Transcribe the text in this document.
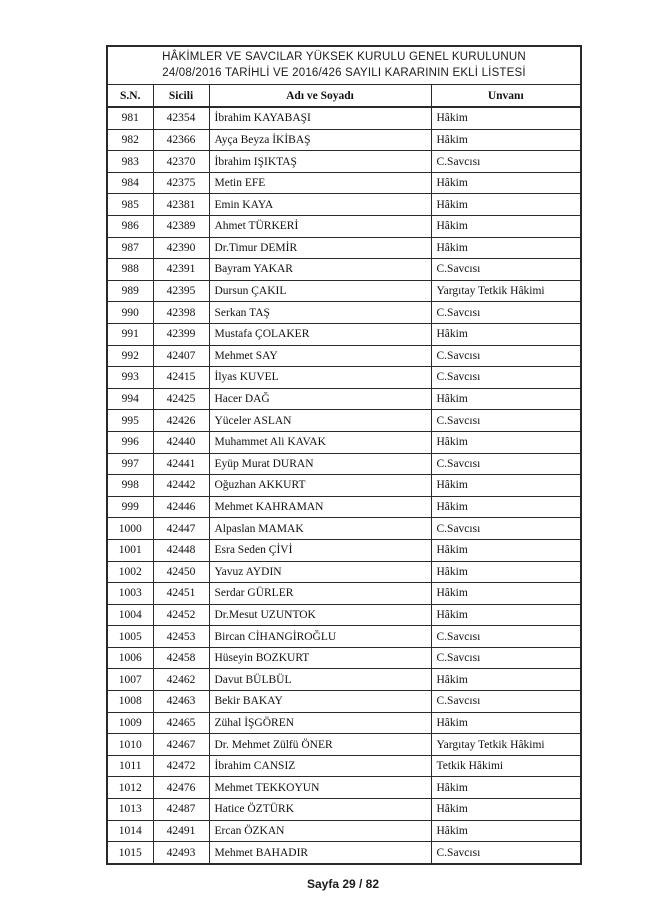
HÂKİMLER VE SAVCILAR YÜKSEK KURULU GENEL KURULUNUN
24/08/2016 TARİHLİ VE 2016/426 SAYILI KARARININ EKLİ LİSTESİ			

S.N.	Sicili	Adı ve Soyadı	Unvanı
981	42354	İbrahim KAYABAŞI	Hâkim
982	42366	Ayça Beyza İKİBAŞ	Hâkim
983	42370	İbrahim IŞIKTAŞ	C.Savcısı
984	42375	Metin EFE	Hâkim
985	42381	Emin KAYA	Hâkim
986	42389	Ahmet TÜRKERİ	Hâkim
987	42390	Dr.Timur DEMİR	Hâkim
988	42391	Bayram YAKAR	C.Savcısı
989	42395	Dursun ÇAKIL	Yargıtay Tetkik Hâkimi
990	42398	Serkan TAŞ	C.Savcısı
991	42399	Mustafa ÇOLAKER	Hâkim
992	42407	Mehmet SAY	C.Savcısı
993	42415	İlyas KUVEL	C.Savcısı
994	42425	Hacer DAĞ	Hâkim
995	42426	Yüceler ASLAN	C.Savcısı
996	42440	Muhammet Ali KAVAK	Hâkim
997	42441	Eyüp Murat DURAN	C.Savcısı
998	42442	Oğuzhan AKKURT	Hâkim
999	42446	Mehmet KAHRAMAN	Hâkim
1000	42447	Alpaslan MAMAK	C.Savcısı
1001	42448	Esra Seden ÇİVİ	Hâkim
1002	42450	Yavuz AYDIN	Hâkim
1003	42451	Serdar GÜRLER	Hâkim
1004	42452	Dr.Mesut UZUNTOK	Hâkim
1005	42453	Bircan CİHANGİROĞLU	C.Savcısı
1006	42458	Hüseyin BOZKURT	C.Savcısı
1007	42462	Davut BÜLBÜL	Hâkim
1008	42463	Bekir BAKAY	C.Savcısı
1009	42465	Zühal İŞGÖREN	Hâkim
1010	42467	Dr. Mehmet Zülfü ÖNER	Yargıtay Tetkik Hâkimi
1011	42472	İbrahim CANSIZ	Tetkik Hâkimi
1012	42476	Mehmet TEKKOYUN	Hâkim
1013	42487	Hatice ÖZTÜRK	Hâkim
1014	42491	Ercan ÖZKAN	Hâkim
1015	42493	Mehmet BAHADIR	C.Savcısı
Sayfa 29 / 82
